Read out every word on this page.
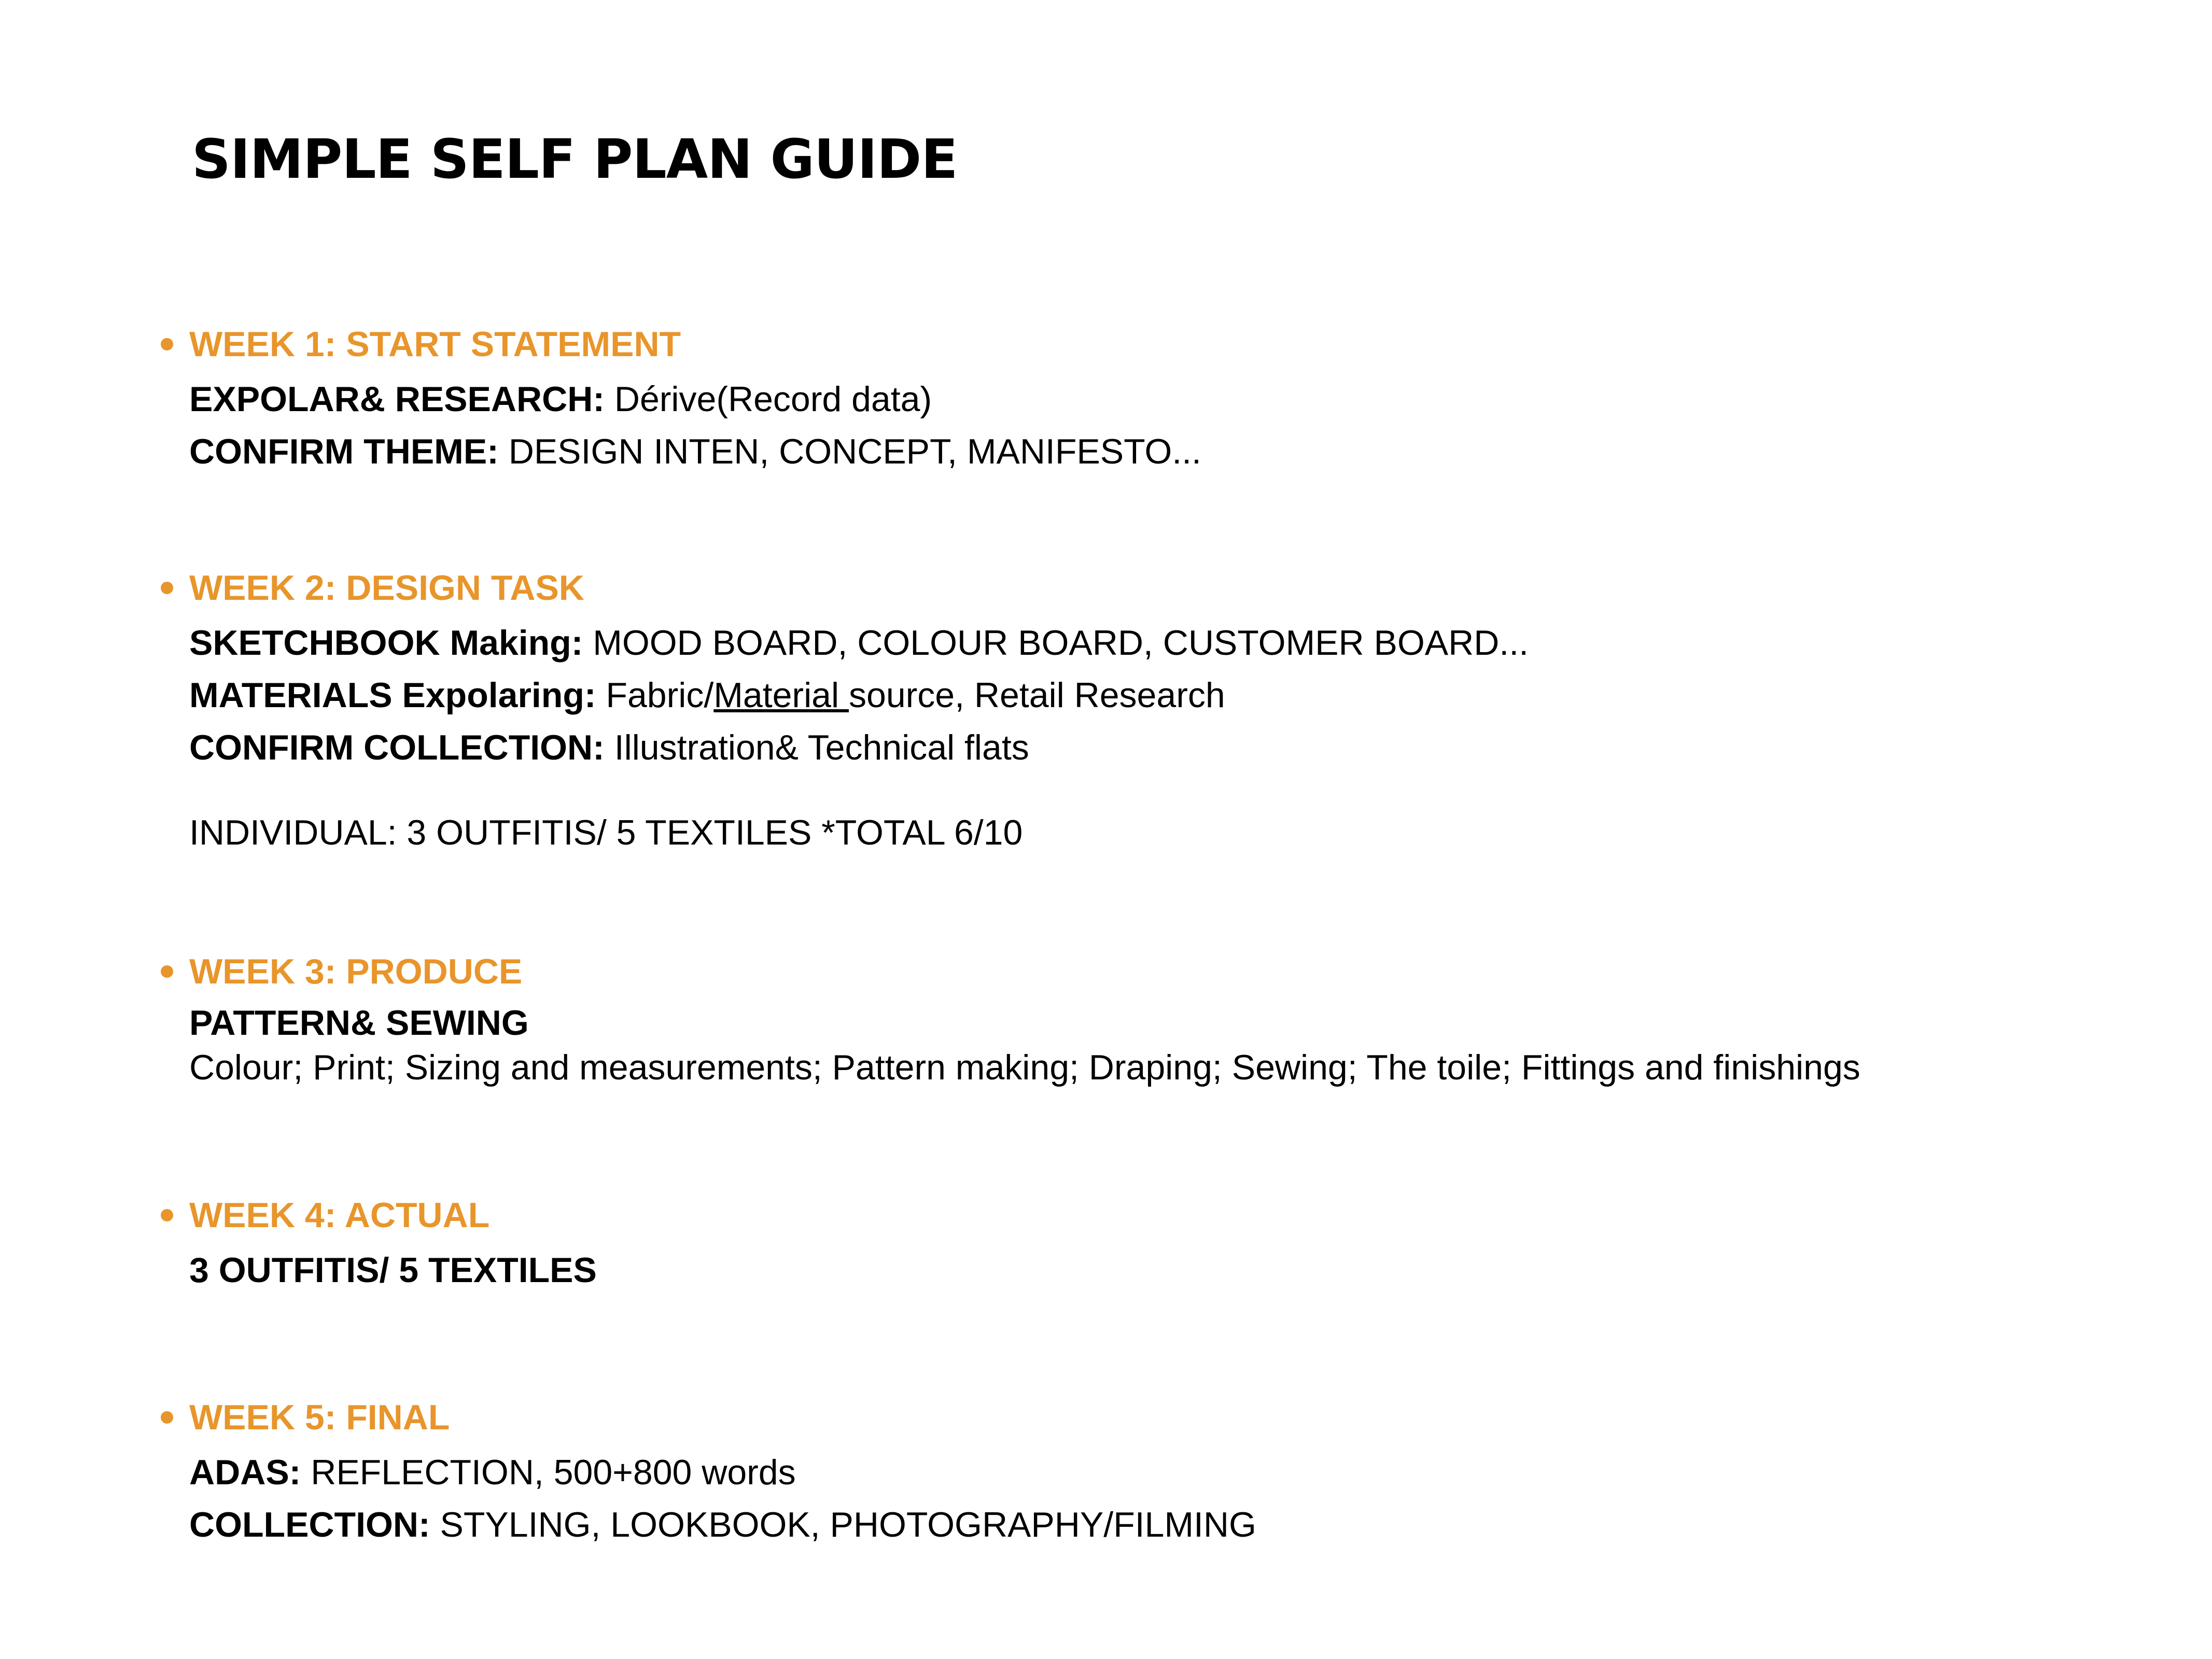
SIMPLE SELF PLAN GUIDE
WEEK 1: START STATEMENT
EXPOLAR& RESEARCH: Dérive(Record data)
CONFIRM THEME: DESIGN INTEN, CONCEPT, MANIFESTO...
WEEK 2: DESIGN TASK
SKETCHBOOK Making: MOOD BOARD, COLOUR BOARD, CUSTOMER BOARD...
MATERIALS Expolaring: Fabric/Material source, Retail Research
CONFIRM COLLECTION: Illustration& Technical flats
INDIVIDUAL: 3 OUTFITIS/ 5 TEXTILES *TOTAL 6/10
WEEK 3: PRODUCE
PATTERN& SEWING
Colour; Print; Sizing and measurements; Pattern making; Draping; Sewing; The toile; Fittings and finishings
WEEK 4: ACTUAL
3 OUTFITIS/ 5 TEXTILES
WEEK 5: FINAL
ADAS: REFLECTION, 500+800 words
COLLECTION: STYLING, LOOKBOOK, PHOTOGRAPHY/FILMING
